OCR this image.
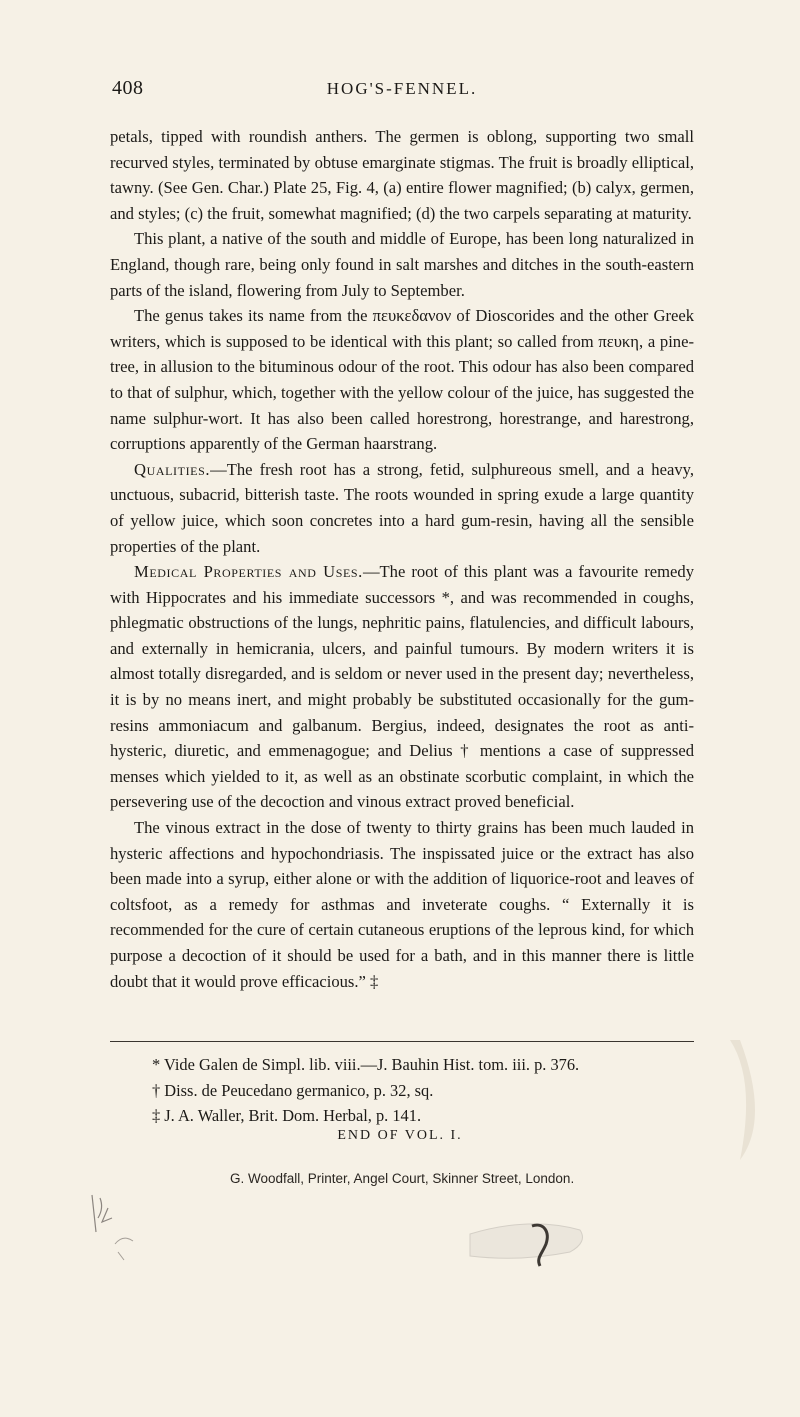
408	HOG'S-FENNEL.

petals, tipped with roundish anthers. The germen is oblong, supporting two small recurved styles, terminated by obtuse emarginate stigmas. The fruit is broadly elliptical, tawny. (See Gen. Char.) Plate 25, Fig. 4, (a) entire flower magnified; (b) calyx, germen, and styles; (c) the fruit, somewhat magnified; (d) the two carpels separating at maturity.

This plant, a native of the south and middle of Europe, has been long naturalized in England, though rare, being only found in salt marshes and ditches in the south-eastern parts of the island, flowering from July to September.

The genus takes its name from the πευκεδανον of Dioscorides and the other Greek writers, which is supposed to be identical with this plant; so called from πευκη, a pine-tree, in allusion to the bituminous odour of the root. This odour has also been compared to that of sulphur, which, together with the yellow colour of the juice, has suggested the name sulphur-wort. It has also been called horestrong, horestrange, and harestrong, corruptions apparently of the German haarstrang.

Qualities.—The fresh root has a strong, fetid, sulphureous smell, and a heavy, unctuous, subacrid, bitterish taste. The roots wounded in spring exude a large quantity of yellow juice, which soon concretes into a hard gum-resin, having all the sensible properties of the plant.

Medical Properties and Uses.—The root of this plant was a favourite remedy with Hippocrates and his immediate successors *, and was recommended in coughs, phlegmatic obstructions of the lungs, nephritic pains, flatulencies, and difficult labours, and externally in hemicrania, ulcers, and painful tumours. By modern writers it is almost totally disregarded, and is seldom or never used in the present day; nevertheless, it is by no means inert, and might probably be substituted occasionally for the gum-resins ammoniacum and galbanum. Bergius, indeed, designates the root as anti-hysteric, diuretic, and emmenagogue; and Delius † mentions a case of suppressed menses which yielded to it, as well as an obstinate scorbutic complaint, in which the persevering use of the decoction and vinous extract proved beneficial.

The vinous extract in the dose of twenty to thirty grains has been much lauded in hysteric affections and hypochondriasis. The inspissated juice or the extract has also been made into a syrup, either alone or with the addition of liquorice-root and leaves of coltsfoot, as a remedy for asthmas and inveterate coughs. “ Externally it is recommended for the cure of certain cutaneous eruptions of the leprous kind, for which purpose a decoction of it should be used for a bath, and in this manner there is little doubt that it would prove efficacious.” ‡

* Vide Galen de Simpl. lib. viii.—J. Bauhin Hist. tom. iii. p. 376.
† Diss. de Peucedano germanico, p. 32, sq.
‡ J. A. Waller, Brit. Dom. Herbal, p. 141.
END OF VOL. I.
G. Woodfall, Printer, Angel Court, Skinner Street, London.
